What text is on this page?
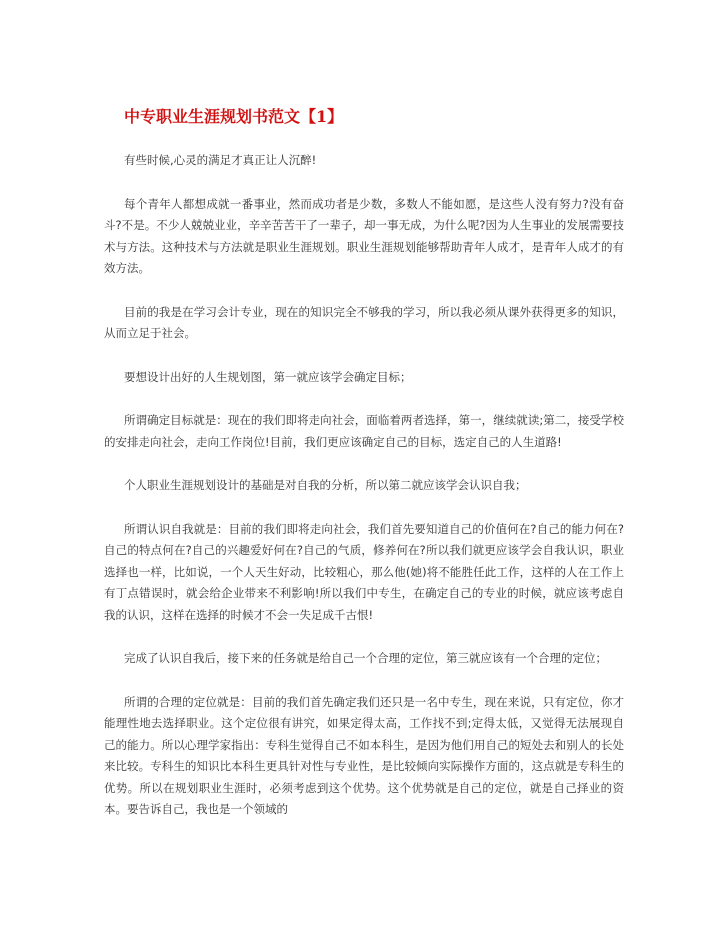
中专职业生涯规划书范文【1】

有些时候,心灵的满足才真正让人沉醉!

每个青年人都想成就一番事业，然而成功者是少数，多数人不能如愿，是这些人没有努力?没有奋斗?不是。不少人兢兢业业，辛辛苦苦干了一辈子，却一事无成，为什么呢?因为人生事业的发展需要技术与方法。这种技术与方法就是职业生涯规划。职业生涯规划能够帮助青年人成才，是青年人成才的有效方法。

目前的我是在学习会计专业，现在的知识完全不够我的学习，所以我必须从课外获得更多的知识，从而立足于社会。

要想设计出好的人生规划图，第一就应该学会确定目标；

所谓确定目标就是：现在的我们即将走向社会，面临着两者选择，第一，继续就读;第二，接受学校的安排走向社会，走向工作岗位!目前，我们更应该确定自己的目标，选定自己的人生道路!

个人职业生涯规划设计的基础是对自我的分析，所以第二就应该学会认识自我；

所谓认识自我就是：目前的我们即将走向社会，我们首先要知道自己的价值何在?自己的能力何在?自己的特点何在?自己的兴趣爱好何在?自己的气质，修养何在?所以我们就更应该学会自我认识，职业选择也一样，比如说，一个人天生好动，比较粗心，那么他(她)将不能胜任此工作，这样的人在工作上有丁点错误时，就会给企业带来不利影响!所以我们中专生，在确定自己的专业的时候，就应该考虑自我的认识，这样在选择的时候才不会一失足成千古恨!

完成了认识自我后，接下来的任务就是给自己一个合理的定位，第三就应该有一个合理的定位；

所谓的合理的定位就是：目前的我们首先确定我们还只是一名中专生，现在来说，只有定位，你才能理性地去选择职业。这个定位很有讲究，如果定得太高，工作找不到;定得太低，又觉得无法展现自己的能力。所以心理学家指出：专科生觉得自己不如本科生，是因为他们用自己的短处去和别人的长处来比较。专科生的知识比本科生更具针对性与专业性，是比较倾向实际操作方面的，这点就是专科生的优势。所以在规划职业生涯时，必须考虑到这个优势。这个优势就是自己的定位，就是自己择业的资本。要告诉自己，我也是一个领域的
